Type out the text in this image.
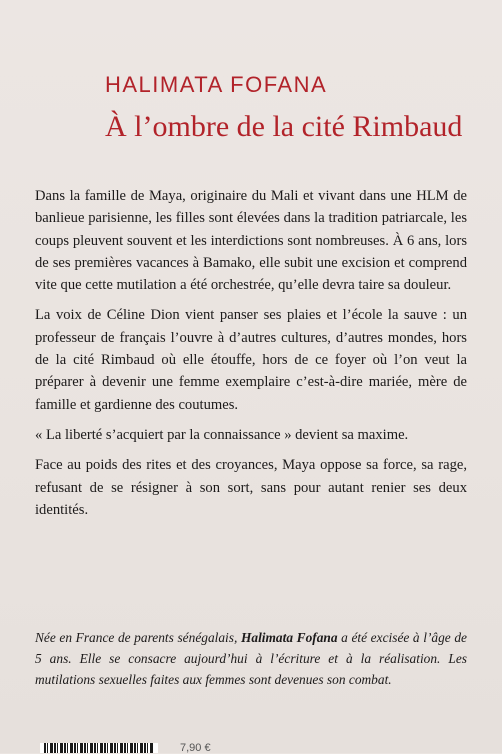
HALIMATA FOFANA
À l’ombre de la cité Rimbaud

Dans la famille de Maya, originaire du Mali et vivant dans une HLM de banlieue parisienne, les filles sont élevées dans la tradition patriarcale, les coups pleuvent souvent et les interdictions sont nombreuses. À 6 ans, lors de ses premières vacances à Bamako, elle subit une excision et comprend vite que cette mutilation a été orchestrée, qu’elle devra taire sa douleur.

La voix de Céline Dion vient panser ses plaies et l’école la sauve : un professeur de français l’ouvre à d’autres cultures, d’autres mondes, hors de la cité Rimbaud où elle étouffe, hors de ce foyer où l’on veut la préparer à devenir une femme exemplaire c’est-à-dire mariée, mère de famille et gardienne des coutumes.

« La liberté s’acquiert par la connaissance » devient sa maxime.

Face au poids des rites et des croyances, Maya oppose sa force, sa rage, refusant de se résigner à son sort, sans pour autant renier ses deux identités.

Née en France de parents sénégalais, Halimata Fofana a été excisée à l’âge de 5 ans. Elle se consacre aujourd’hui à l’écriture et à la réalisation. Les mutilations sexuelles faites aux femmes sont devenues son combat.

7,90 €
